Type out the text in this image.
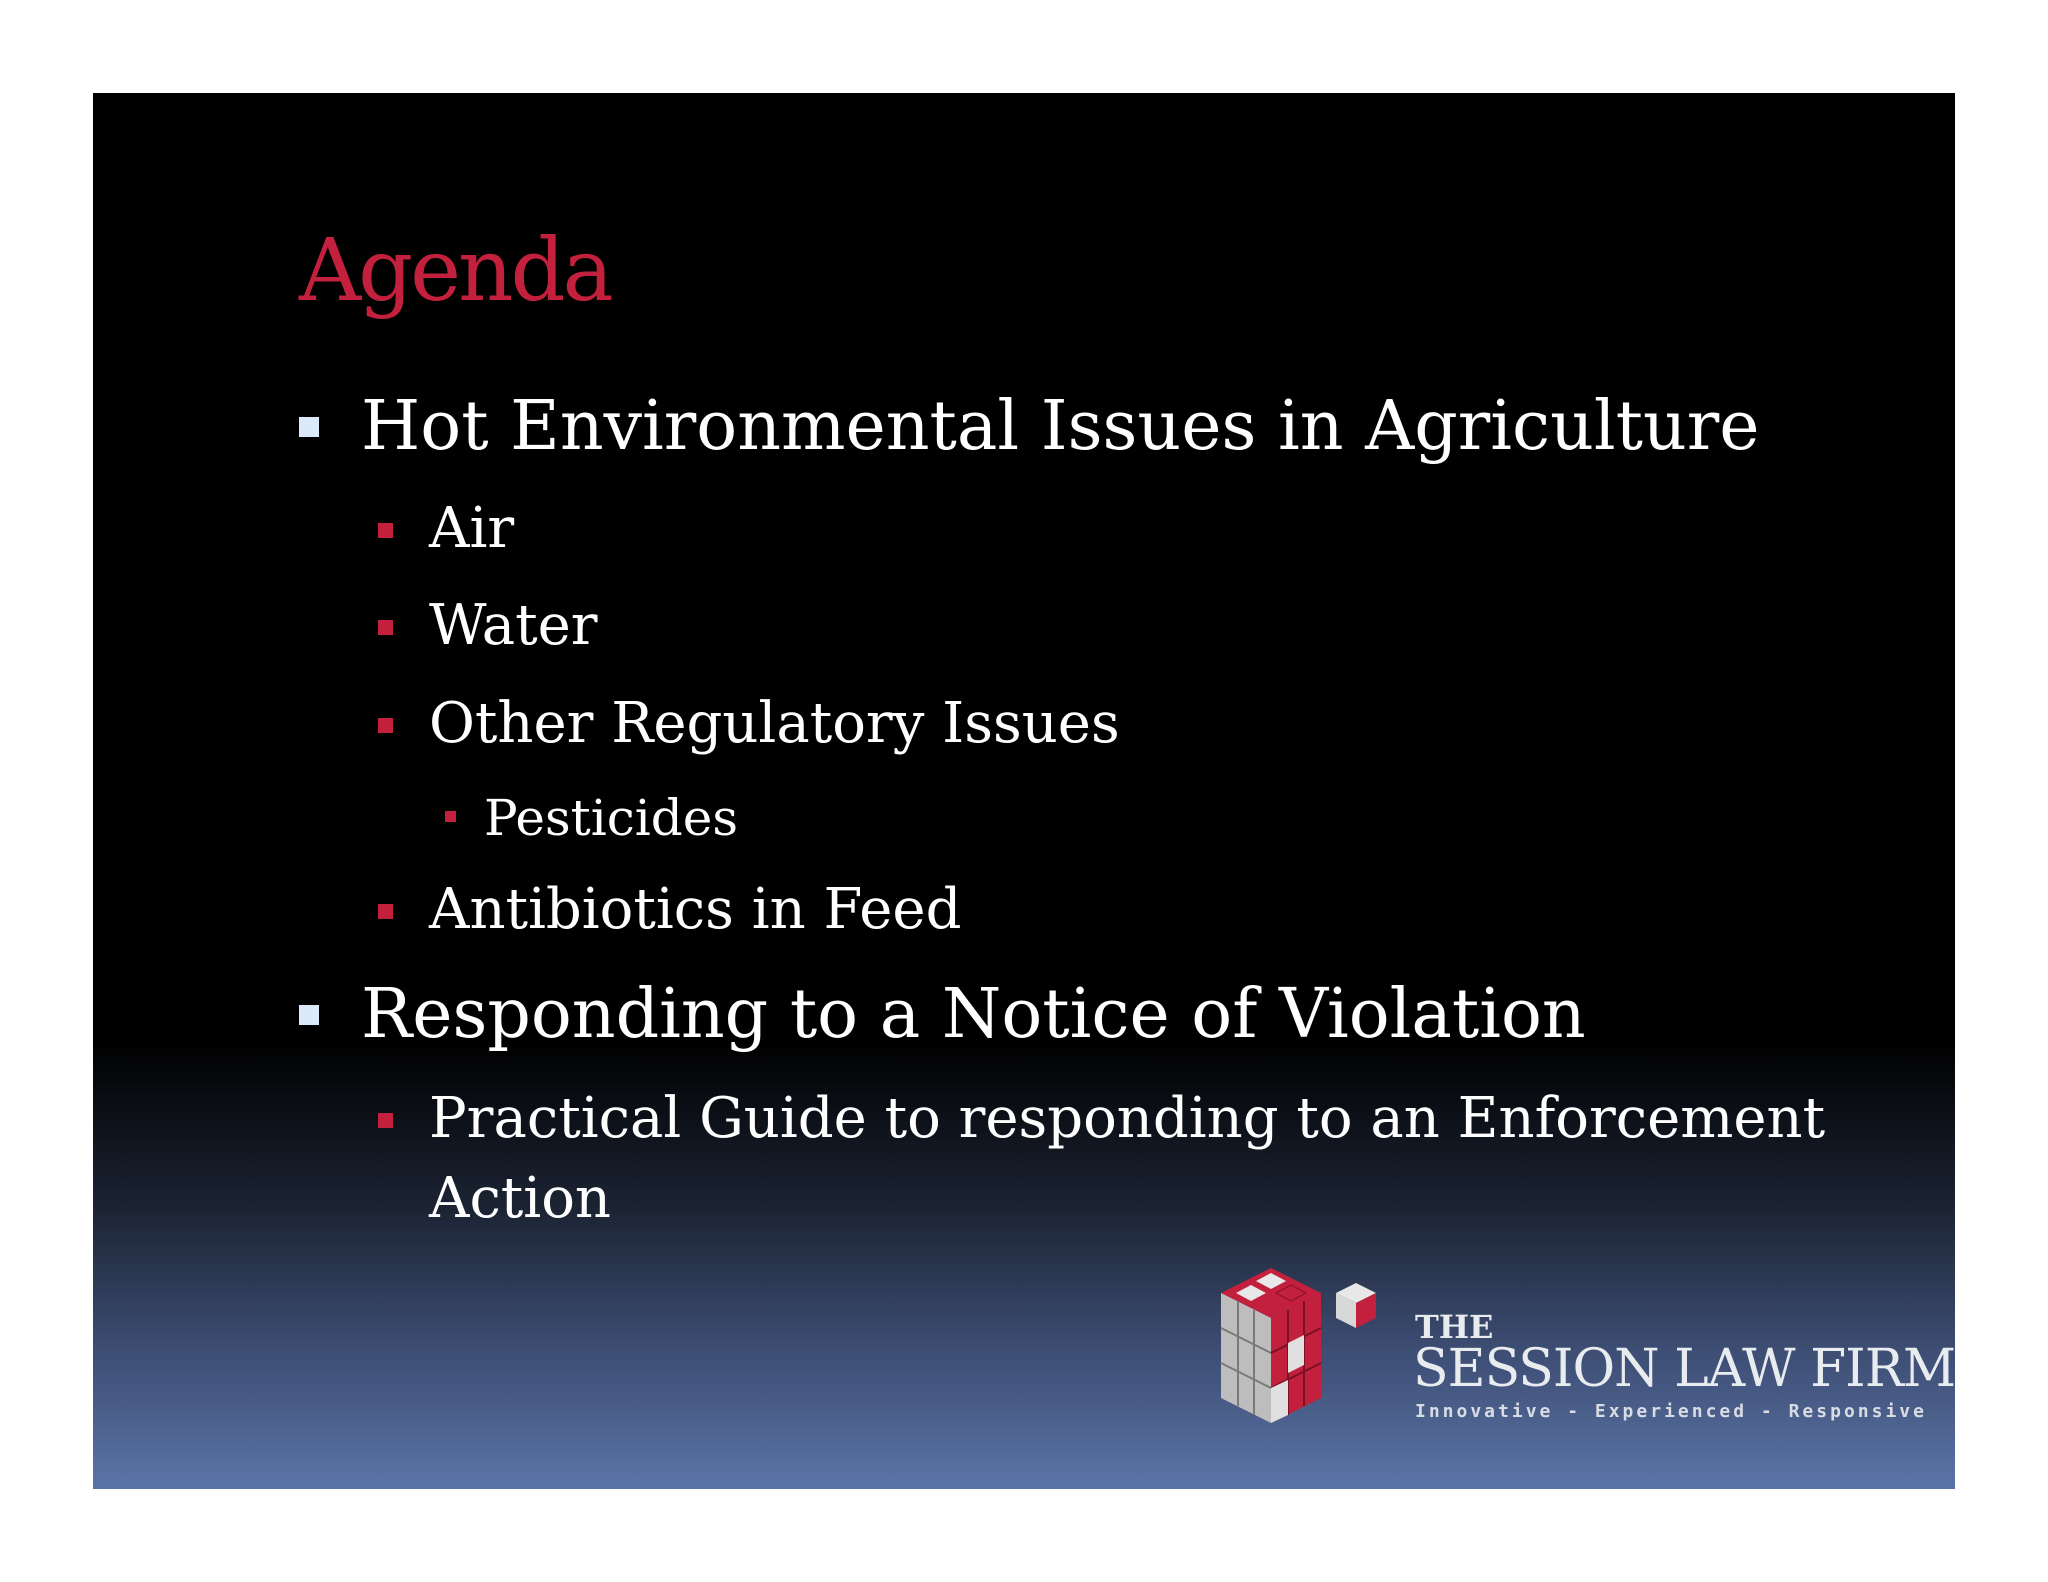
Agenda
Hot Environmental Issues in Agriculture
Air
Water
Other Regulatory Issues
Pesticides
Antibiotics in Feed
Responding to a Notice of Violation
Practical Guide to responding to an Enforcement
Action
THE
SESSION LAW FIRM
Innovative - Experienced - Responsive
